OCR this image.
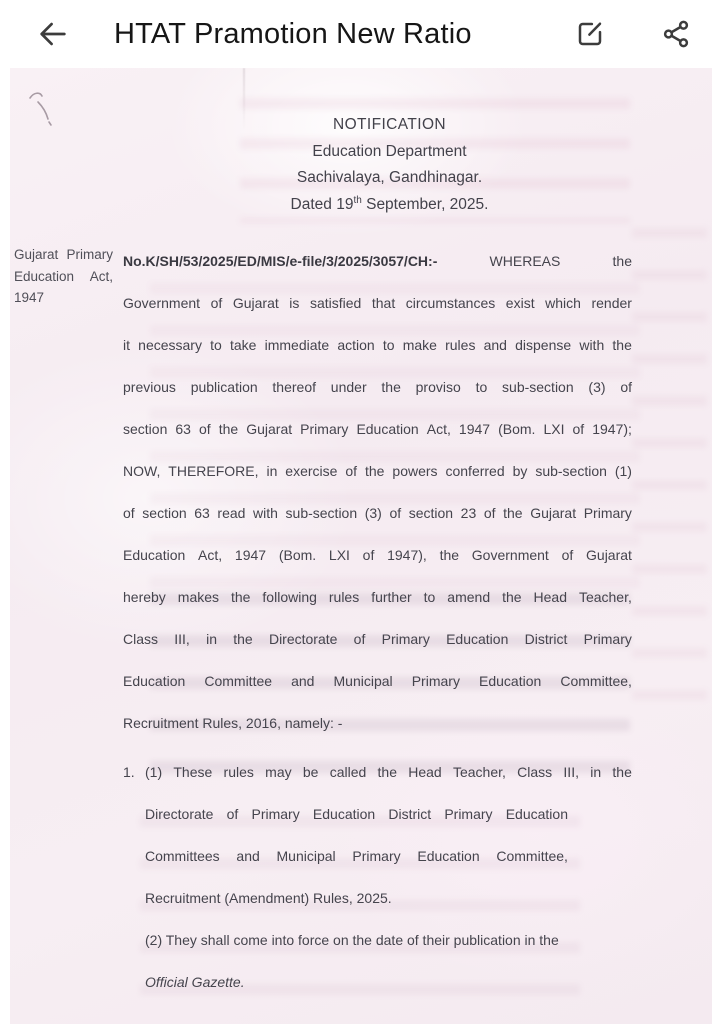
HTAT Pramotion New Ratio
NOTIFICATION
Education Department
Sachivalaya, Gandhinagar.
Dated 19th September, 2025.
Gujarat Primary
Education Act,
1947
No.K/SH/53/2025/ED/MIS/e-file/3/2025/3057/CH:-	WHEREAS	the
Government of Gujarat is satisfied that circumstances exist which render
it necessary to take immediate action to make rules and dispense with the
previous publication thereof under the proviso to sub-section (3) of
section 63 of the Gujarat Primary Education Act, 1947 (Bom. LXI of 1947);
NOW, THEREFORE, in exercise of the powers conferred by sub-section (1)
of section 63 read with sub-section (3) of section 23 of the Gujarat Primary
Education Act, 1947 (Bom. LXI of 1947), the Government of Gujarat
hereby makes the following rules further to amend the Head Teacher,
Class III, in the Directorate of Primary Education District Primary
Education Committee and Municipal Primary Education Committee,
Recruitment Rules, 2016, namely: -
1. (1) These rules may be called the Head Teacher, Class III, in the
Directorate of Primary Education District Primary Education
Committees and Municipal Primary Education Committee,
Recruitment (Amendment) Rules, 2025.
(2) They shall come into force on the date of their publication in the
Official Gazette.
